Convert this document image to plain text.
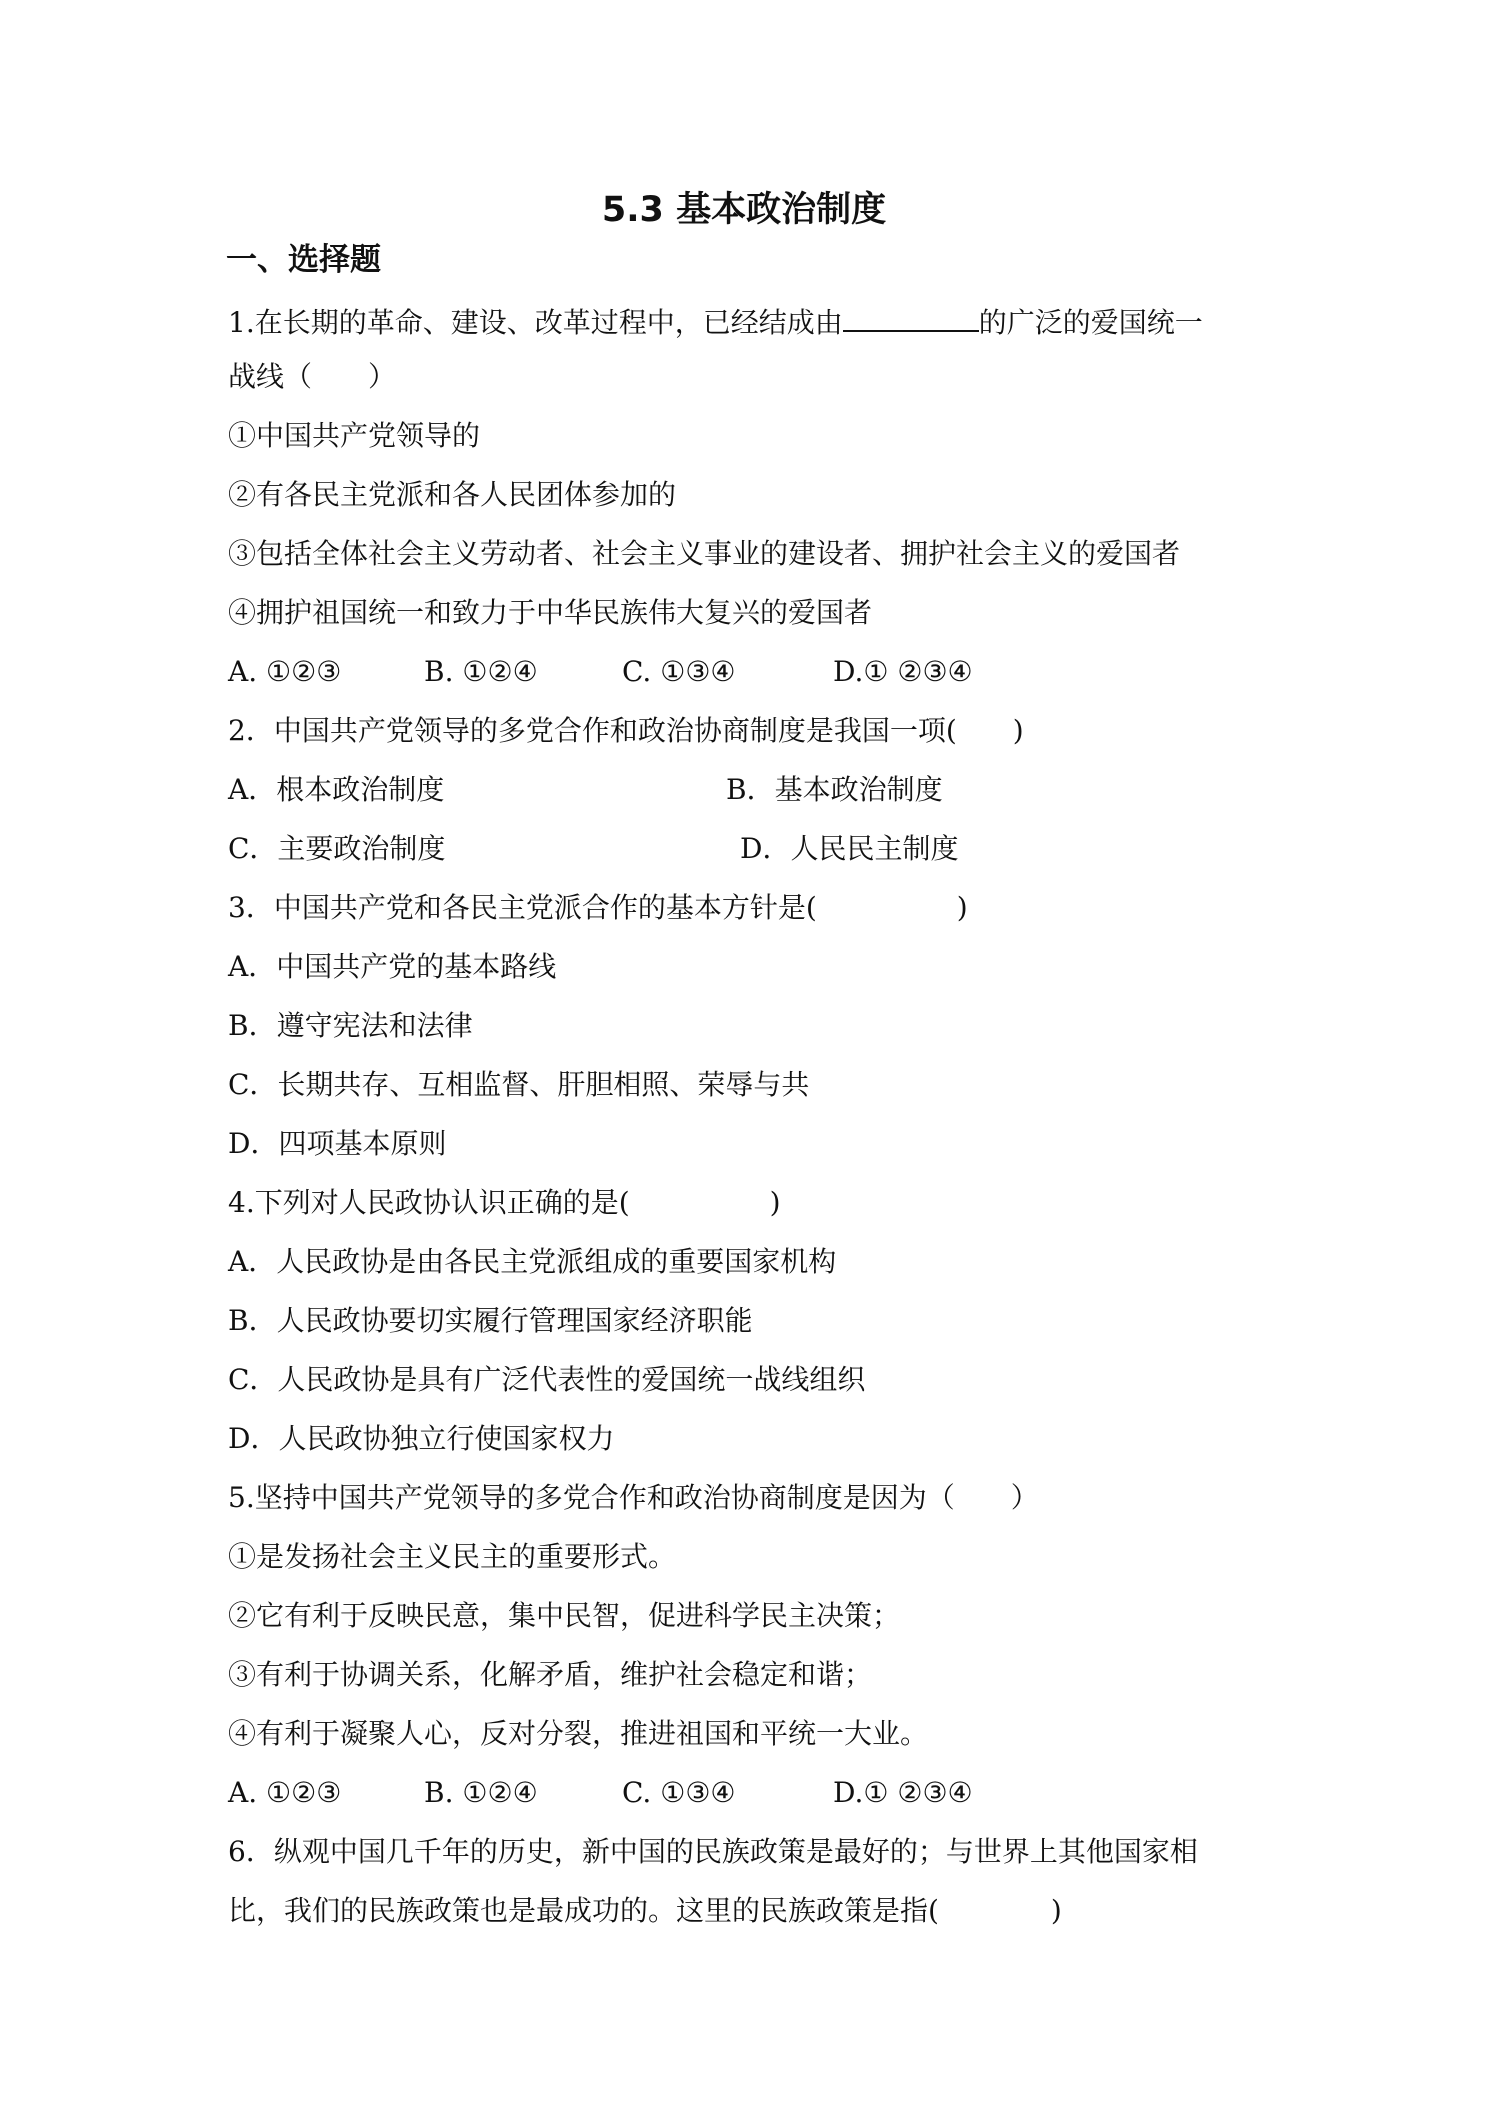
5.3 基本政治制度
一、选择题
1.在长期的革命、建设、改革过程中，已经结成由	的广泛的爱国统一
战线（　　）
①中国共产党领导的
②有各民主党派和各人民团体参加的
③包括全体社会主义劳动者、社会主义事业的建设者、拥护社会主义的爱国者
④拥护祖国统一和致力于中华民族伟大复兴的爱国者
A. ①②③	B. ①②④	C. ①③④	D.① ②③④
2．中国共产党领导的多党合作和政治协商制度是我国一项(　　)
A．根本政治制度	B．基本政治制度
C．主要政治制度	D．人民民主制度
3．中国共产党和各民主党派合作的基本方针是(　　　　　)
A．中国共产党的基本路线
B．遵守宪法和法律
C．长期共存、互相监督、肝胆相照、荣辱与共
D．四项基本原则
4.下列对人民政协认识正确的是(　　　　　)
A．人民政协是由各民主党派组成的重要国家机构
B．人民政协要切实履行管理国家经济职能
C．人民政协是具有广泛代表性的爱国统一战线组织
D．人民政协独立行使国家权力
5.坚持中国共产党领导的多党合作和政治协商制度是因为（　　）
①是发扬社会主义民主的重要形式。
②它有利于反映民意，集中民智，促进科学民主决策；
③有利于协调关系，化解矛盾，维护社会稳定和谐；
④有利于凝聚人心，反对分裂，推进祖国和平统一大业。
A. ①②③	B. ①②④	C. ①③④	D.① ②③④
6．纵观中国几千年的历史，新中国的民族政策是最好的；与世界上其他国家相
比，我们的民族政策也是最成功的。这里的民族政策是指(　　　　)
